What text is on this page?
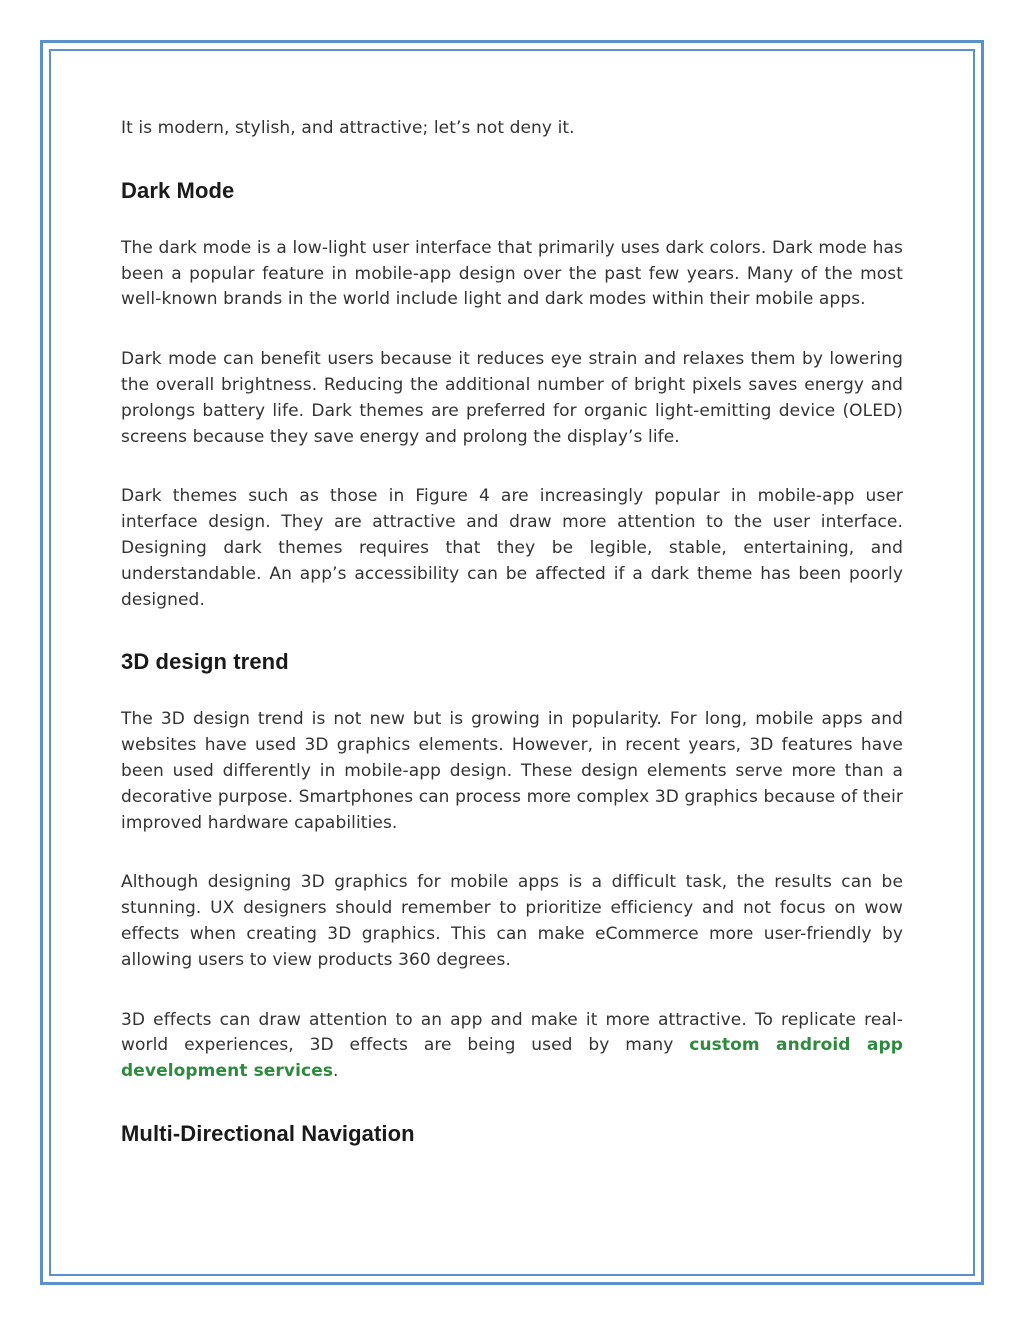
It is modern, stylish, and attractive; let’s not deny it.

Dark Mode

The dark mode is a low-light user interface that primarily uses dark colors. Dark mode has been a popular feature in mobile-app design over the past few years. Many of the most well-known brands in the world include light and dark modes within their mobile apps.

Dark mode can benefit users because it reduces eye strain and relaxes them by lowering the overall brightness. Reducing the additional number of bright pixels saves energy and prolongs battery life. Dark themes are preferred for organic light-emitting device (OLED) screens because they save energy and prolong the display’s life.

Dark themes such as those in Figure 4 are increasingly popular in mobile-app user interface design. They are attractive and draw more attention to the user interface. Designing dark themes requires that they be legible, stable, entertaining, and understandable. An app’s accessibility can be affected if a dark theme has been poorly designed.

3D design trend

The 3D design trend is not new but is growing in popularity. For long, mobile apps and websites have used 3D graphics elements. However, in recent years, 3D features have been used differently in mobile-app design. These design elements serve more than a decorative purpose. Smartphones can process more complex 3D graphics because of their improved hardware capabilities.

Although designing 3D graphics for mobile apps is a difficult task, the results can be stunning. UX designers should remember to prioritize efficiency and not focus on wow effects when creating 3D graphics. This can make eCommerce more user-friendly by allowing users to view products 360 degrees.

3D effects can draw attention to an app and make it more attractive. To replicate real-world experiences, 3D effects are being used by many custom android app development services.

Multi-Directional Navigation
